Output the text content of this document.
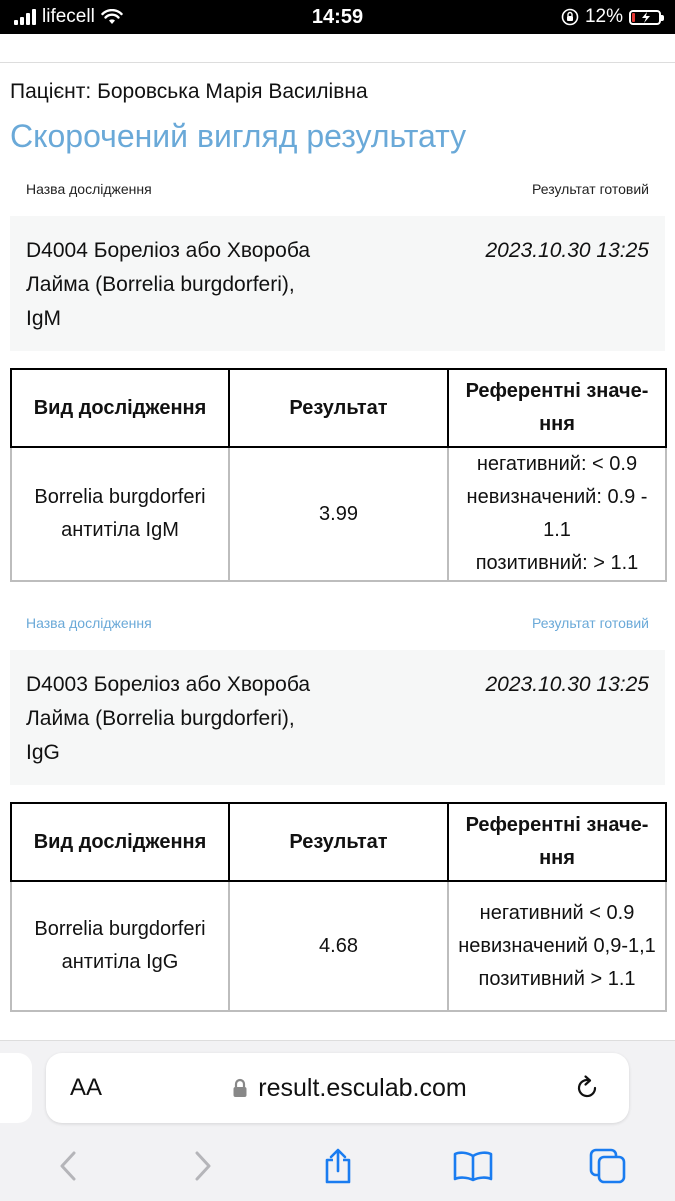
lifecell	14:59	12%
Пацієнт: Боровська Марія Василівна
Скорочений вигляд результату
Назва дослідження	Результат готовий
D4004 Бореліоз або Хвороба Лайма (Borrelia burgdorferi), IgM
2023.10.30 13:25
Вид дослідження	Результат	Референтні значення
Borrelia burgdorferi антитіла IgM	3.99	негативний: < 0.9
невизначений: 0.9 - 1.1
позитивний: > 1.1
Назва дослідження	Результат готовий
D4003 Бореліоз або Хвороба Лайма (Borrelia burgdorferi), IgG
2023.10.30 13:25
Вид дослідження	Результат	Референтні значення
Borrelia burgdorferi антитіла IgG	4.68	негативний < 0.9
невизначений 0,9-1,1
позитивний > 1.1
AA	result.esculab.com
